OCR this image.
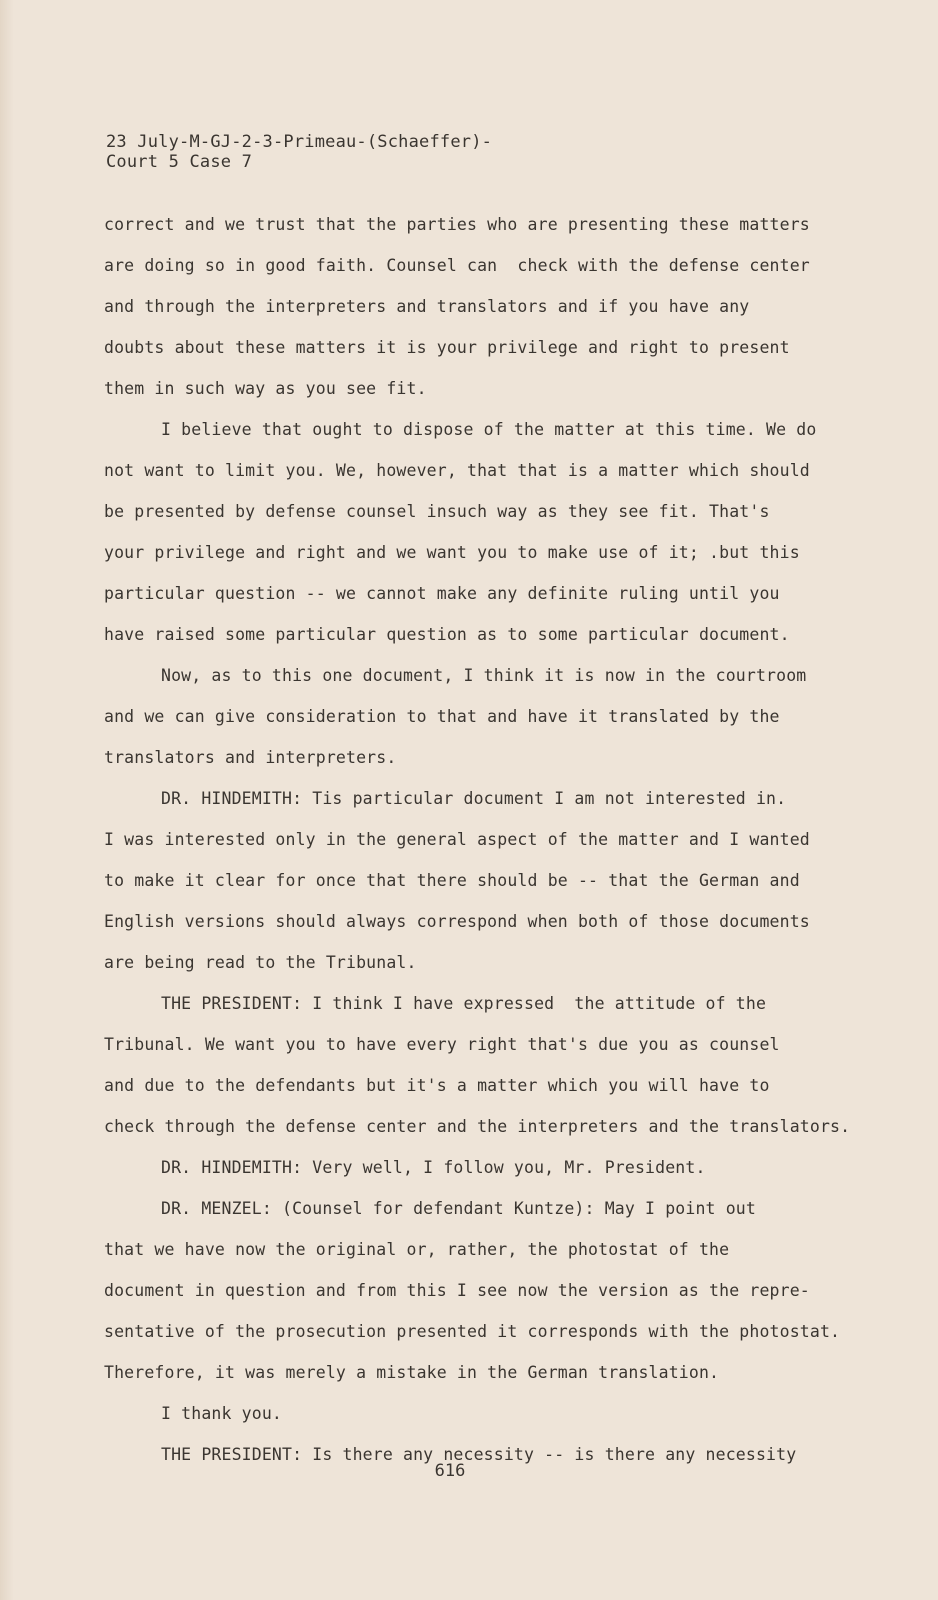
23 July-M-GJ-2-3-Primeau-(Schaeffer)-
Court 5 Case 7
correct and we trust that the parties who are presenting these matters
are doing so in good faith. Counsel can  check with the defense center
and through the interpreters and translators and if you have any
doubts about these matters it is your privilege and right to present
them in such way as you see fit.
I believe that ought to dispose of the matter at this time. We do
not want to limit you. We, however, that that is a matter which should
be presented by defense counsel insuch way as they see fit. That's
your privilege and right and we want you to make use of it; .but this
particular question -- we cannot make any definite ruling until you
have raised some particular question as to some particular document.
Now, as to this one document, I think it is now in the courtroom
and we can give consideration to that and have it translated by the
translators and interpreters.
DR. HINDEMITH: Tis particular document I am not interested in.
I was interested only in the general aspect of the matter and I wanted
to make it clear for once that there should be -- that the German and
English versions should always correspond when both of those documents
are being read to the Tribunal.
THE PRESIDENT: I think I have expressed  the attitude of the
Tribunal. We want you to have every right that's due you as counsel
and due to the defendants but it's a matter which you will have to
check through the defense center and the interpreters and the translators.
DR. HINDEMITH: Very well, I follow you, Mr. President.
DR. MENZEL: (Counsel for defendant Kuntze): May I point out
that we have now the original or, rather, the photostat of the
document in question and from this I see now the version as the repre-
sentative of the prosecution presented it corresponds with the photostat.
Therefore, it was merely a mistake in the German translation.
I thank you.
THE PRESIDENT: Is there any necessity -- is there any necessity
616
